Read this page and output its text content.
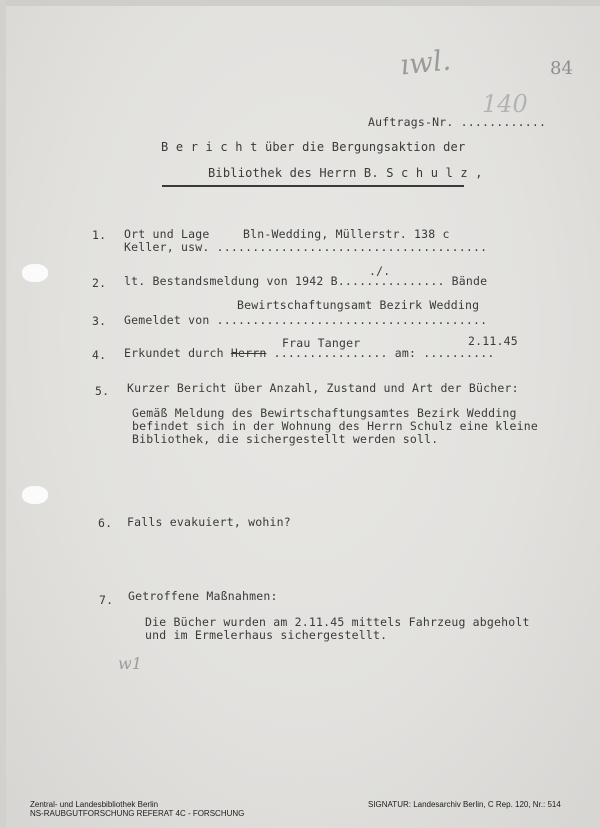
ıwl.	84
140
w1
Auftrags-Nr. ............
B e r i c h t über die Bergungsaktion der
Bibliothek des Herrn B. S c h u l z ,
1. Ort und Lage	Bln-Wedding, Müllerstr. 138 c
Keller, usw. ......................................
./.
2. lt. Bestandsmeldung von 1942 B............... Bände
Bewirtschaftungsamt Bezirk Wedding
3. Gemeldet von ......................................
Frau Tanger	2.11.45
4. Erkundet durch Herrn ................ am: ..........
5. Kurzer Bericht über Anzahl, Zustand und Art der Bücher:
Gemäß Meldung des Bewirtschaftungsamtes Bezirk Wedding
befindet sich in der Wohnung des Herrn Schulz eine kleine
Bibliothek, die sichergestellt werden soll.
6. Falls evakuiert, wohin?
7. Getroffene Maßnahmen:
Die Bücher wurden am 2.11.45 mittels Fahrzeug abgeholt
und im Ermelerhaus sichergestellt.
Zentral- und Landesbibliothek Berlin
NS-RAUBGUTFORSCHUNG REFERAT 4C - FORSCHUNG
SIGNATUR: Landesarchiv Berlin, C Rep. 120, Nr.: 514
